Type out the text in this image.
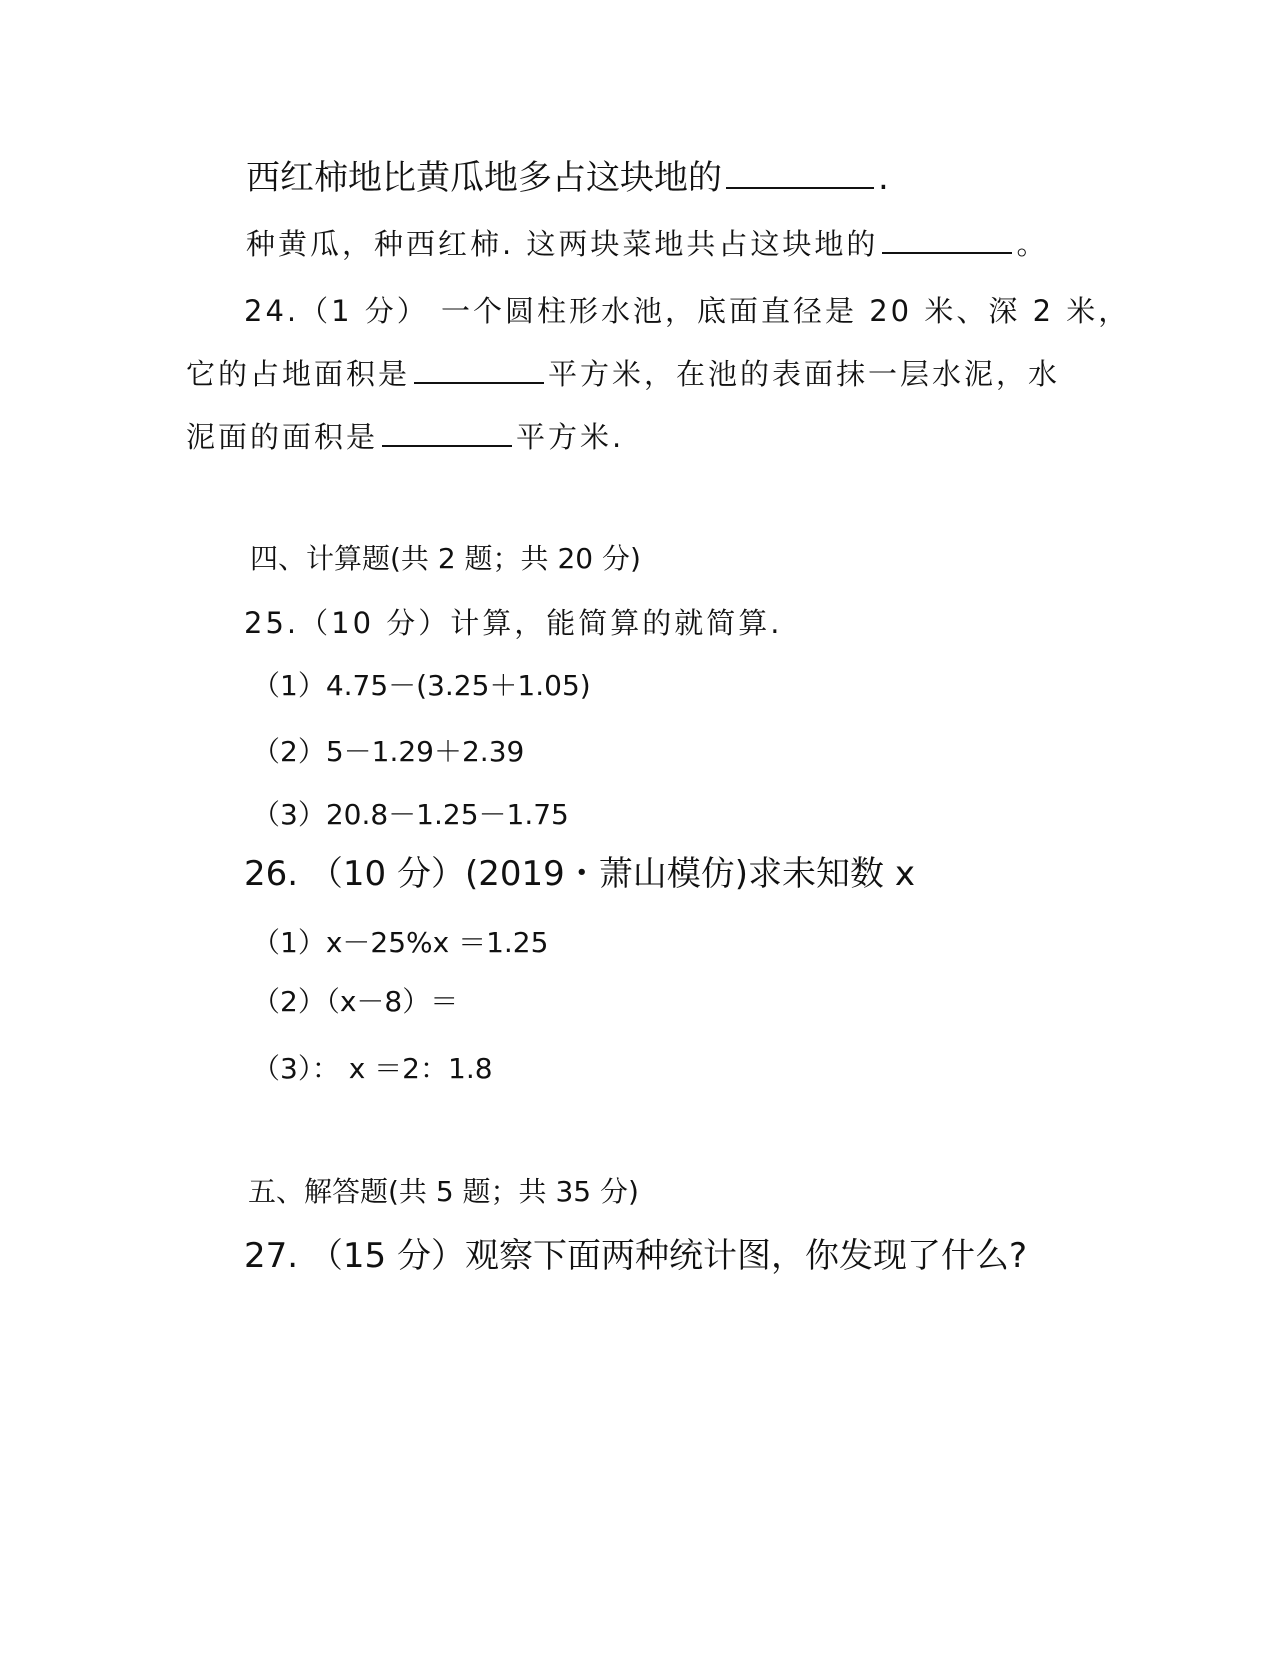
西红柿地比黄瓜地多占这块地的	.
种黄瓜，种西红柿. 这两块菜地共占这块地的	。
24.（1 分） 一个圆柱形水池，底面直径是 20 米、深 2 米，
它的占地面积是	平方米，在池的表面抹一层水泥，水
泥面的面积是	平方米.
四、计算题(共 2 题；共 20 分)
25.（10 分）计算，能简算的就简算.
（1）4.75－(3.25＋1.05)
（2）5－1.29＋2.39
（3）20.8－1.25－1.75
26. （10 分）(2019・萧山模仿)求未知数 x
（1）x－25%x ＝1.25
（2）（x－8）＝
（3）： x ＝2：1.8
五、解答题(共 5 题；共 35 分)
27. （15 分）观察下面两种统计图，你发现了什么?
